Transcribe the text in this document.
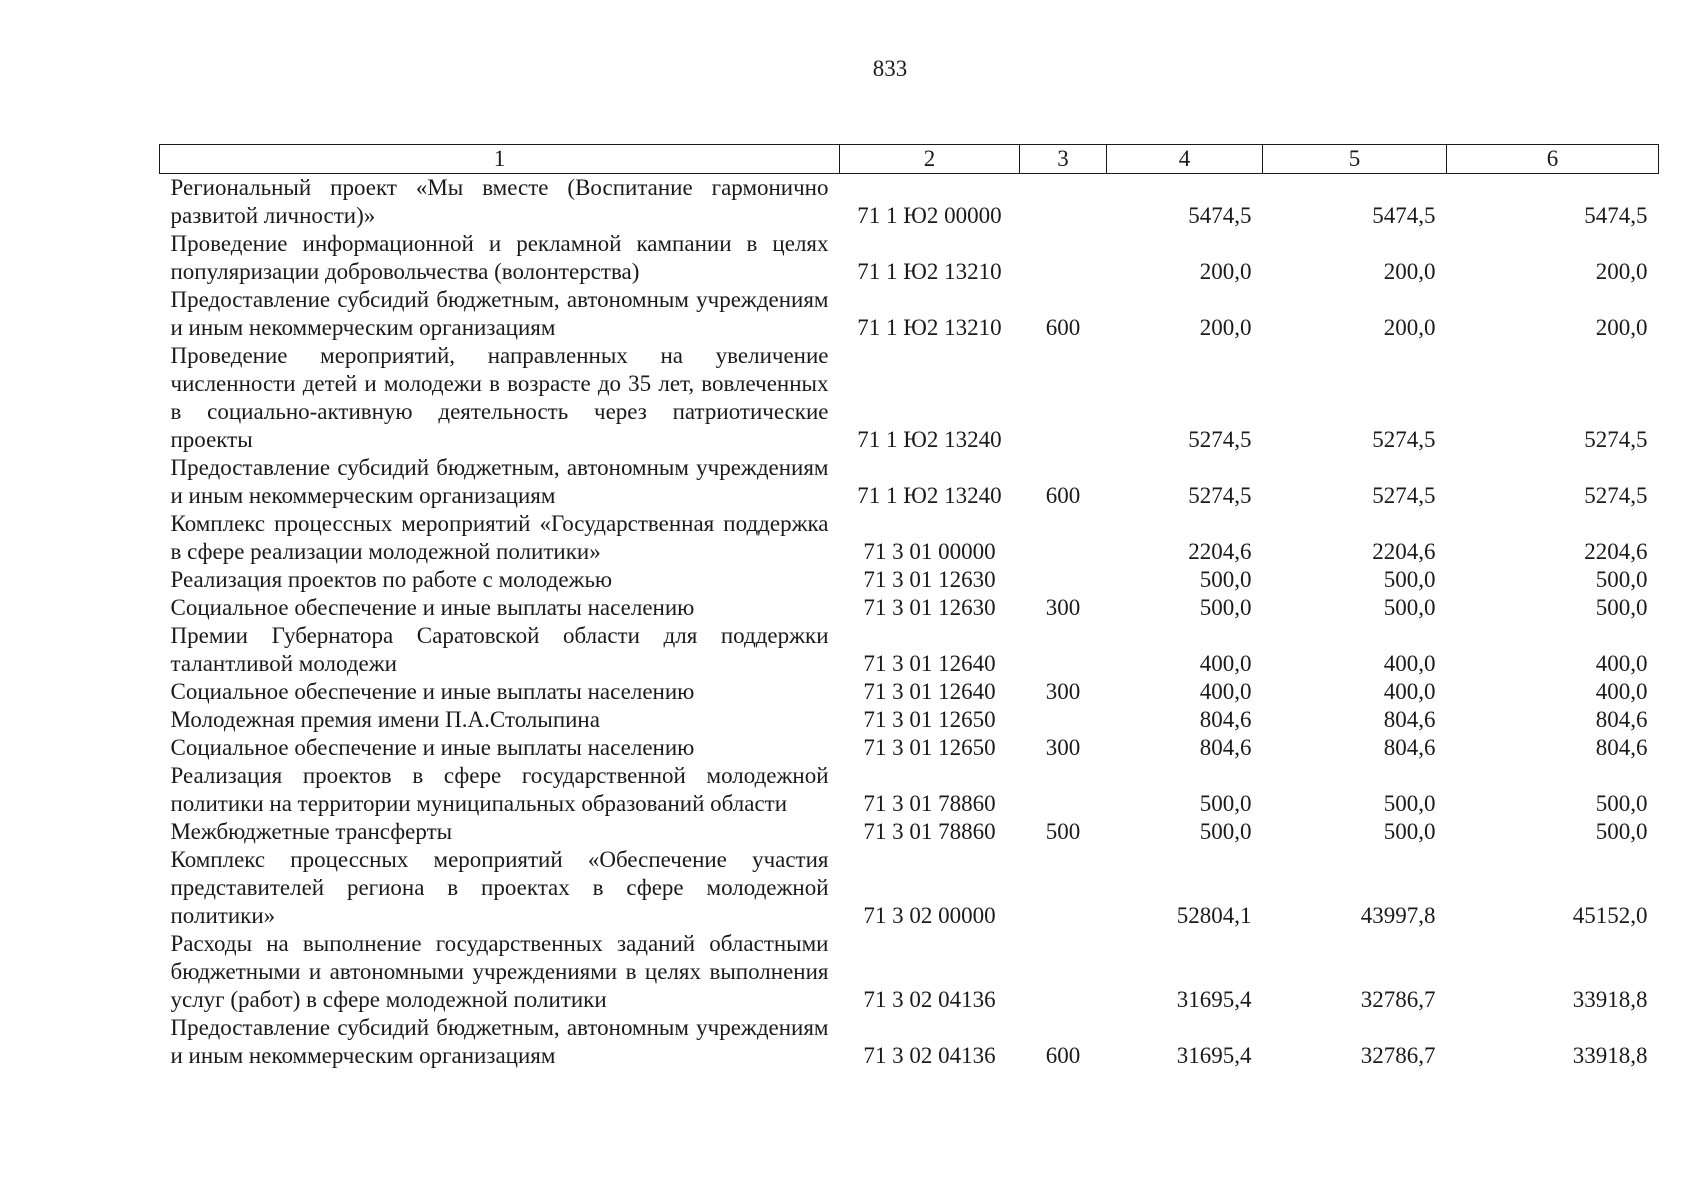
833
1	2	3	4	5	6
Региональный проект «Мы вместе (Воспитание гармонично развитой личности)»	71 1 Ю2 00000		5474,5	5474,5	5474,5
Проведение информационной и рекламной кампании в целях популяризации добровольчества (волонтерства)	71 1 Ю2 13210		200,0	200,0	200,0
Предоставление субсидий бюджетным, автономным учреждениям и иным некоммерческим организациям	71 1 Ю2 13210	600	200,0	200,0	200,0
Проведение мероприятий, направленных на увеличение численности детей и молодежи в возрасте до 35 лет, вовлеченных в социально-активную деятельность через патриотические проекты	71 1 Ю2 13240		5274,5	5274,5	5274,5
Предоставление субсидий бюджетным, автономным учреждениям и иным некоммерческим организациям	71 1 Ю2 13240	600	5274,5	5274,5	5274,5
Комплекс процессных мероприятий «Государственная поддержка в сфере реализации молодежной политики»	71 3 01 00000		2204,6	2204,6	2204,6
Реализация проектов по работе с молодежью	71 3 01 12630		500,0	500,0	500,0
Социальное обеспечение и иные выплаты населению	71 3 01 12630	300	500,0	500,0	500,0
Премии Губернатора Саратовской области для поддержки талантливой молодежи	71 3 01 12640		400,0	400,0	400,0
Социальное обеспечение и иные выплаты населению	71 3 01 12640	300	400,0	400,0	400,0
Молодежная премия имени П.А.Столыпина	71 3 01 12650		804,6	804,6	804,6
Социальное обеспечение и иные выплаты населению	71 3 01 12650	300	804,6	804,6	804,6
Реализация проектов в сфере государственной молодежной политики на территории муниципальных образований области	71 3 01 78860		500,0	500,0	500,0
Межбюджетные трансферты	71 3 01 78860	500	500,0	500,0	500,0
Комплекс процессных мероприятий «Обеспечение участия представителей региона в проектах в сфере молодежной политики»	71 3 02 00000		52804,1	43997,8	45152,0
Расходы на выполнение государственных заданий областными бюджетными и автономными учреждениями в целях выполнения услуг (работ) в сфере молодежной политики	71 3 02 04136		31695,4	32786,7	33918,8
Предоставление субсидий бюджетным, автономным учреждениям и иным некоммерческим организациям	71 3 02 04136	600	31695,4	32786,7	33918,8
